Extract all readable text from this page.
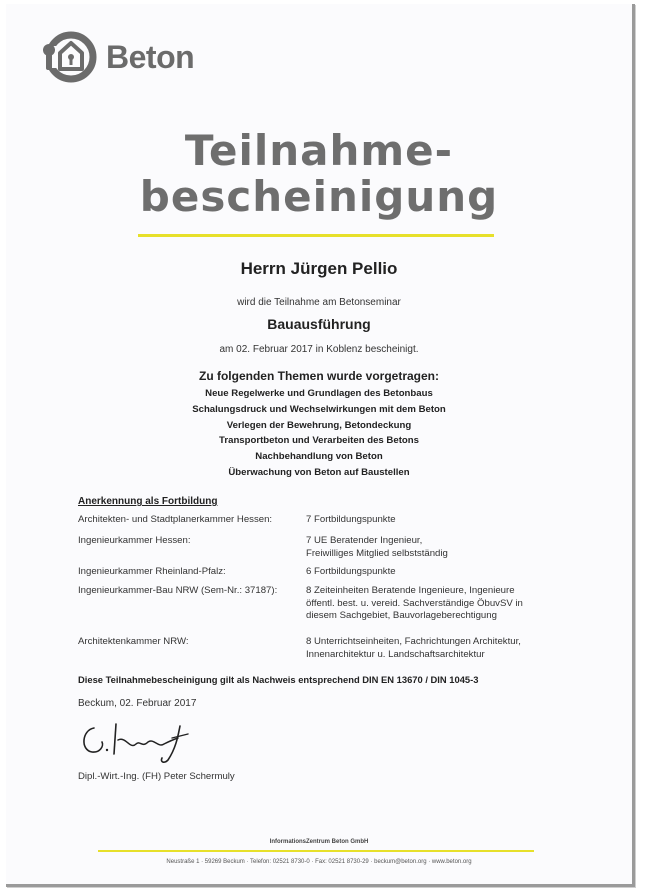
Beton
Teilnahme-
bescheinigung
Herrn Jürgen Pellio
wird die Teilnahme am Betonseminar
Bauausführung
am 02. Februar 2017 in Koblenz bescheinigt.
Zu folgenden Themen wurde vorgetragen:
Neue Regelwerke und Grundlagen des Betonbaus
Schalungsdruck und Wechselwirkungen mit dem Beton
Verlegen der Bewehrung, Betondeckung
Transportbeton und Verarbeiten des Betons
Nachbehandlung von Beton
Überwachung von Beton auf Baustellen
Anerkennung als Fortbildung
Architekten- und Stadtplanerkammer Hessen:	7 Fortbildungspunkte
Ingenieurkammer Hessen:	7 UE Beratender Ingenieur,
Freiwilliges Mitglied selbstständig
Ingenieurkammer Rheinland-Pfalz:	6 Fortbildungspunkte
Ingenieurkammer-Bau NRW (Sem-Nr.: 37187):	8 Zeiteinheiten Beratende Ingenieure, Ingenieure
öffentl. best. u. vereid. Sachverständige ÖbuvSV in
diesem Sachgebiet, Bauvorlageberechtigung
Architektenkammer NRW:	8 Unterrichtseinheiten, Fachrichtungen Architektur,
Innenarchitektur u. Landschaftsarchitektur
Diese Teilnahmebescheinigung gilt als Nachweis entsprechend DIN EN 13670 / DIN 1045-3
Beckum, 02. Februar 2017
Dipl.-Wirt.-Ing. (FH) Peter Schermuly
InformationsZentrum Beton GmbH
Neustraße 1 · 59269 Beckum · Telefon: 02521 8730-0 · Fax: 02521 8730-29 · beckum@beton.org · www.beton.org
